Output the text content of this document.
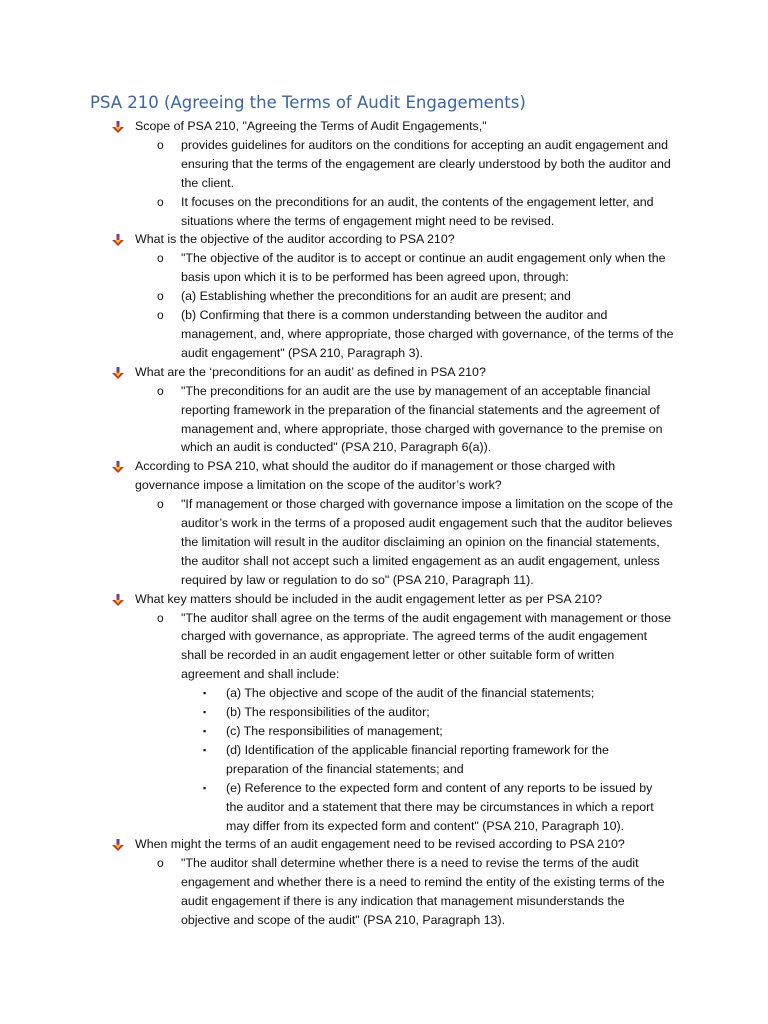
PSA 210 (Agreeing the Terms of Audit Engagements)
Scope of PSA 210, "Agreeing the Terms of Audit Engagements,"
o provides guidelines for auditors on the conditions for accepting an audit engagement and ensuring that the terms of the engagement are clearly understood by both the auditor and the client.
o It focuses on the preconditions for an audit, the contents of the engagement letter, and situations where the terms of engagement might need to be revised.
What is the objective of the auditor according to PSA 210?
o "The objective of the auditor is to accept or continue an audit engagement only when the basis upon which it is to be performed has been agreed upon, through:
o (a) Establishing whether the preconditions for an audit are present; and
o (b) Confirming that there is a common understanding between the auditor and management, and, where appropriate, those charged with governance, of the terms of the audit engagement" (PSA 210, Paragraph 3).
What are the ‘preconditions for an audit’ as defined in PSA 210?
o "The preconditions for an audit are the use by management of an acceptable financial reporting framework in the preparation of the financial statements and the agreement of management and, where appropriate, those charged with governance to the premise on which an audit is conducted" (PSA 210, Paragraph 6(a)).
According to PSA 210, what should the auditor do if management or those charged with governance impose a limitation on the scope of the auditor’s work?
o "If management or those charged with governance impose a limitation on the scope of the auditor’s work in the terms of a proposed audit engagement such that the auditor believes the limitation will result in the auditor disclaiming an opinion on the financial statements, the auditor shall not accept such a limited engagement as an audit engagement, unless required by law or regulation to do so" (PSA 210, Paragraph 11).
What key matters should be included in the audit engagement letter as per PSA 210?
o "The auditor shall agree on the terms of the audit engagement with management or those charged with governance, as appropriate. The agreed terms of the audit engagement shall be recorded in an audit engagement letter or other suitable form of written agreement and shall include:
▪ (a) The objective and scope of the audit of the financial statements;
▪ (b) The responsibilities of the auditor;
▪ (c) The responsibilities of management;
▪ (d) Identification of the applicable financial reporting framework for the preparation of the financial statements; and
▪ (e) Reference to the expected form and content of any reports to be issued by the auditor and a statement that there may be circumstances in which a report may differ from its expected form and content" (PSA 210, Paragraph 10).
When might the terms of an audit engagement need to be revised according to PSA 210?
o "The auditor shall determine whether there is a need to revise the terms of the audit engagement and whether there is a need to remind the entity of the existing terms of the audit engagement if there is any indication that management misunderstands the objective and scope of the audit" (PSA 210, Paragraph 13).
